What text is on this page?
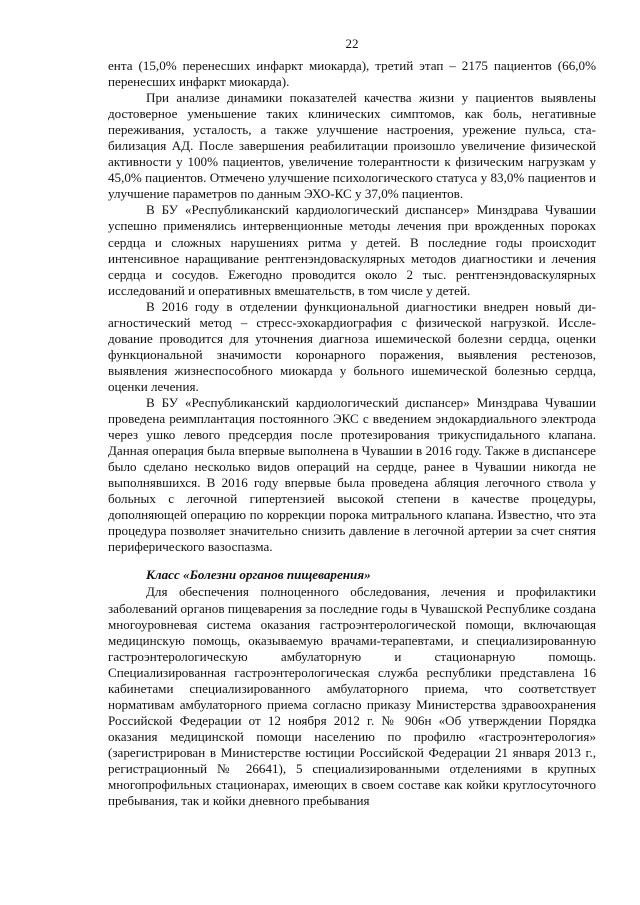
22

ента (15,0% перенесших инфаркт миокарда), третий этап – 2175 пациентов (66,0% перенесших инфаркт миокарда).

При анализе динамики показателей качества жизни у пациентов выявлены достоверное уменьшение таких клинических симптомов, как боль, негативные переживания, усталость, а также улучшение настроения, урежение пульса, стабилизация АД. После завершения реабилитации произошло увеличение физической активности у 100% пациентов, увеличение толерантности к физическим нагрузкам у 45,0% пациентов. Отмечено улучшение психологического статуса у 83,0% пациентов и улучшение параметров по данным ЭХО-КС у 37,0% пациентов.

В БУ «Республиканский кардиологический диспансер» Минздрава Чувашии успешно применялись интервенционные методы лечения при врожденных пороках сердца и сложных нарушениях ритма у детей. В последние годы происходит интенсивное наращивание рентгенэндоваскулярных методов диагностики и лечения сердца и сосудов. Ежегодно проводится около 2 тыс. рентгенэндоваскулярных исследований и оперативных вмешательств, в том числе у детей.

В 2016 году в отделении функциональной диагностики внедрен новый диагностический метод – стресс-эхокардиография с физической нагрузкой. Исследование проводится для уточнения диагноза ишемической болезни сердца, оценки функциональной значимости коронарного поражения, выявления рестенозов, выявления жизнеспособного миокарда у больного ишемической болезнью сердца, оценки лечения.

В БУ «Республиканский кардиологический диспансер» Минздрава Чувашии проведена реимплантация постоянного ЭКС с введением эндокардиального электрода через ушко левого предсердия после протезирования трикуспидального клапана. Данная операция была впервые выполнена в Чувашии в 2016 году. Также в диспансере было сделано несколько видов операций на сердце, ранее в Чувашии никогда не выполнявшихся. В 2016 году впервые была проведена абляция легочного ствола у больных с легочной гипертензией высокой степени в качестве процедуры, дополняющей операцию по коррекции порока митрального клапана. Известно, что эта процедура позволяет значительно снизить давление в легочной артерии за счет снятия периферического вазоспазма.

Класс «Болезни органов пищеварения»

Для обеспечения полноценного обследования, лечения и профилактики заболеваний органов пищеварения за последние годы в Чувашской Республике создана многоуровневая система оказания гастроэнтерологической помощи, включающая медицинскую помощь, оказываемую врачами-терапевтами, и специализированную гастроэнтерологическую амбулаторную и стационарную помощь. Специализированная гастроэнтерологическая служба республики представлена 16 кабинетами специализированного амбулаторного приема, что соответствует нормативам амбулаторного приема согласно приказу Министерства здравоохранения Российской Федерации от 12 ноября 2012 г. № 906н «Об утверждении Порядка оказания медицинской помощи населению по профилю «гастроэнтерология» (зарегистрирован в Министерстве юстиции Российской Федерации 21 января 2013 г., регистрационный № 26641), 5 специализированными отделениями в крупных многопрофильных стационарах, имеющих в своем составе как койки круглосуточного пребывания, так и койки дневного пребывания
